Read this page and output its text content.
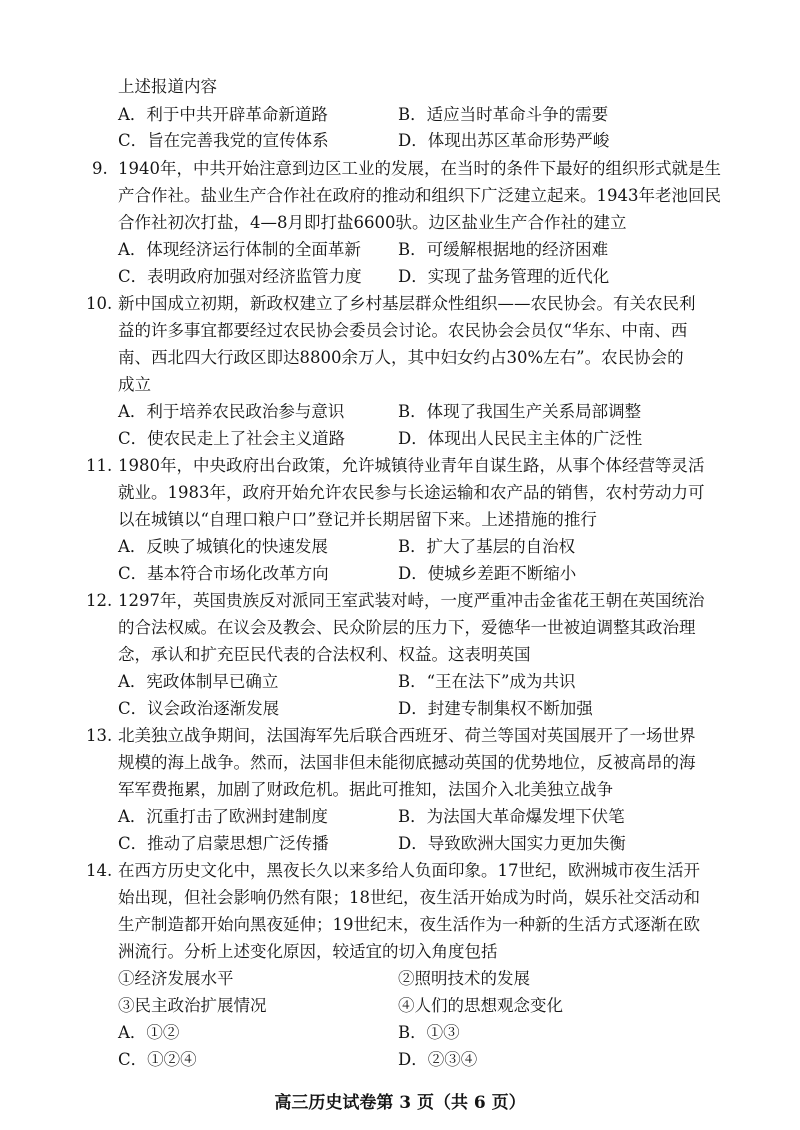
上述报道内容
A．利于中共开辟革命新道路	B．适应当时革命斗争的需要
C．旨在完善我党的宣传体系	D．体现出苏区革命形势严峻
9. 1940年，中共开始注意到边区工业的发展，在当时的条件下最好的组织形式就是生
产合作社。盐业生产合作社在政府的推动和组织下广泛建立起来。1943年老池回民
合作社初次打盐，4—8月即打盐6600驮。边区盐业生产合作社的建立
A．体现经济运行体制的全面革新 B．可缓解根据地的经济困难
C．表明政府加强对经济监管力度 D．实现了盐务管理的近代化
10. 新中国成立初期，新政权建立了乡村基层群众性组织——农民协会。有关农民利
益的许多事宜都要经过农民协会委员会讨论。农民协会会员仅“华东、中南、西
南、西北四大行政区即达8800余万人，其中妇女约占30%左右”。农民协会的
成立
A．利于培养农民政治参与意识	B．体现了我国生产关系局部调整
C．使农民走上了社会主义道路	D．体现出人民民主主体的广泛性
11. 1980年，中央政府出台政策，允许城镇待业青年自谋生路，从事个体经营等灵活
就业。1983年，政府开始允许农民参与长途运输和农产品的销售，农村劳动力可
以在城镇以“自理口粮户口”登记并长期居留下来。上述措施的推行
A．反映了城镇化的快速发展	B．扩大了基层的自治权
C．基本符合市场化改革方向	D．使城乡差距不断缩小
12. 1297年，英国贵族反对派同王室武装对峙，一度严重冲击金雀花王朝在英国统治
的合法权威。在议会及教会、民众阶层的压力下，爱德华一世被迫调整其政治理
念，承认和扩充臣民代表的合法权利、权益。这表明英国
A．宪政体制早已确立	B．“王在法下”成为共识
C．议会政治逐渐发展	D．封建专制集权不断加强
13. 北美独立战争期间，法国海军先后联合西班牙、荷兰等国对英国展开了一场世界
规模的海上战争。然而，法国非但未能彻底撼动英国的优势地位，反被高昂的海
军军费拖累，加剧了财政危机。据此可推知，法国介入北美独立战争
A．沉重打击了欧洲封建制度	B．为法国大革命爆发埋下伏笔
C．推动了启蒙思想广泛传播	D．导致欧洲大国实力更加失衡
14. 在西方历史文化中，黑夜长久以来多给人负面印象。17世纪，欧洲城市夜生活开
始出现，但社会影响仍然有限；18世纪，夜生活开始成为时尚，娱乐社交活动和
生产制造都开始向黑夜延伸；19世纪末，夜生活作为一种新的生活方式逐渐在欧
洲流行。分析上述变化原因，较适宜的切入角度包括
①经济发展水平	②照明技术的发展
③民主政治扩展情况	④人们的思想观念变化
A．①②	B．①③
C．①②④	D．②③④
高三历史试卷第 3 页（共 6 页）
